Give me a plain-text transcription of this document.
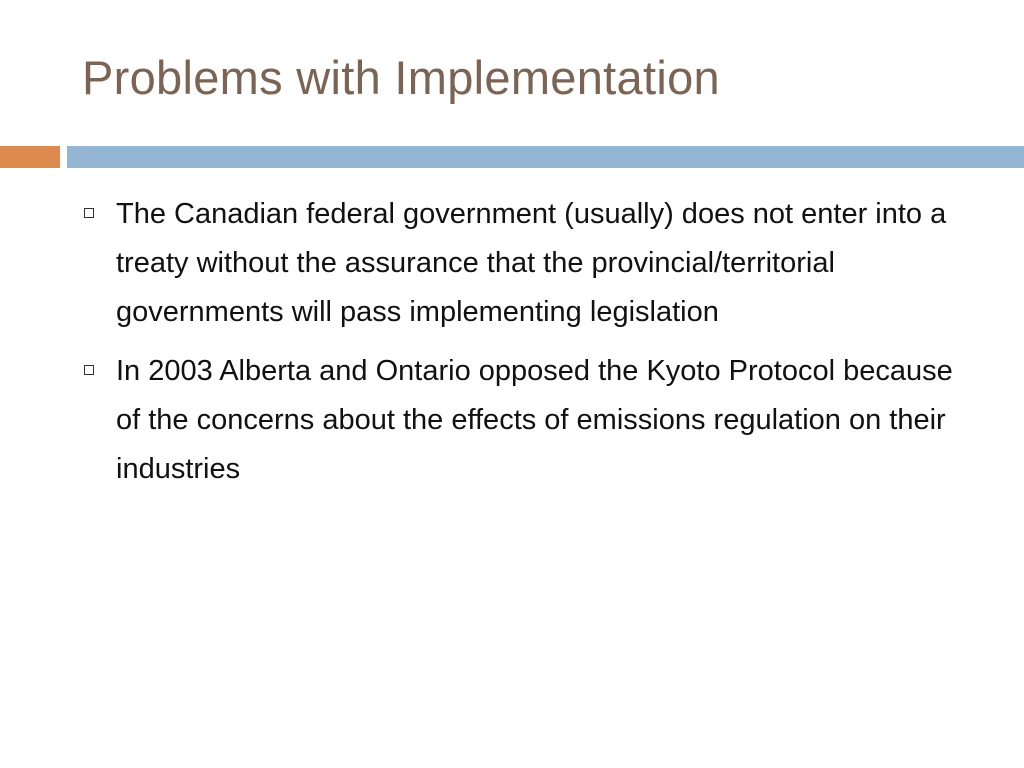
Problems with Implementation
The Canadian federal government (usually) does not enter into a treaty without the assurance that the provincial/territorial governments will pass implementing legislation
In 2003 Alberta and Ontario opposed the Kyoto Protocol because of the concerns about the effects of emissions regulation on their industries
